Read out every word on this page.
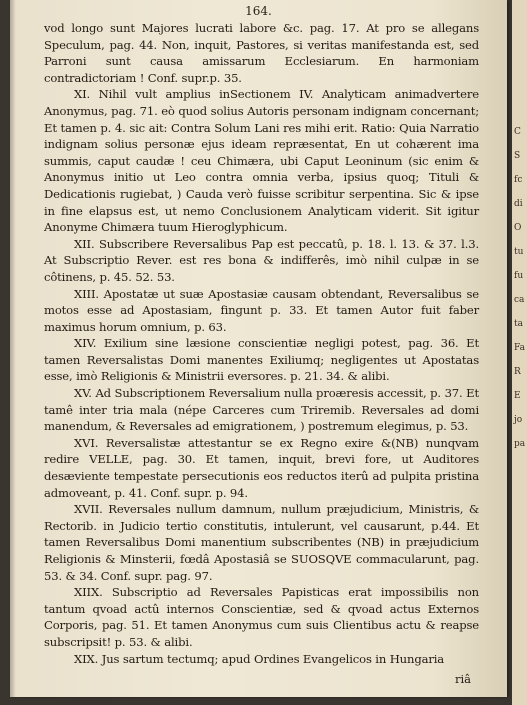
164.

vod longo sunt Majores lucrati labore &c. pag. 17. At pro se allegans Speculum, pag. 44. Non, inquit, Pastores, si veritas manifestanda est, sed Parroni sunt causa amissarum Ecclesiarum. En harmoniam contradictoriam ! Conf. supr.p. 35.

XI. Nihil vult amplius inSectionem IV. Analyticam animadvertere Anonymus, pag. 71. eò quod solius Autoris personam indignam concernant; Et tamen p. 4. sic ait: Contra Solum Lani res mihi erit. Ratio: Quia Narratio indignam solius personæ ejus ideam repræsentat, En ut cohærent ima summis, caput caudæ ! ceu Chimæra, ubi Caput Leoninum (sic enim & Anonymus initio ut Leo contra omnia verba, ipsius quoq; Tituli & Dedicationis rugiebat, ) Cauda verò fuisse scribitur serpentina. Sic & ipse in fine elapsus est, ut nemo Conclusionem Analyticam viderit. Sit igitur Anonyme Chimæra tuum Hieroglyphicum.

XII. Subscribere Reversalibus Pap est peccatû, p. 18. l. 13. & 37. l.3. At Subscriptio Rever. est res bona & indifferês, imò nihil culpæ in se côtinens, p. 45. 52. 53.

XIII. Apostatæ ut suæ Apostasiæ causam obtendant, Reversalibus se motos esse ad Apostasiam, fingunt p. 33. Et tamen Autor fuit faber maximus horum omnium, p. 63.

XIV. Exilium sine læsione conscientiæ negligi potest, pag. 36. Et tamen Reversalistas Domi manentes Exiliumq; negligentes ut Apostatas esse, imò Religionis & Ministrii eversores. p. 21. 34. & alibi.

XV. Ad Subscriptionem Reversalium nulla proæresis accessit, p. 37. Et tamê inter tria mala (népe Carceres cum Triremib. Reversales ad domi manendum, & Reversales ad emigrationem, ) postremum elegimus, p. 53.

XVI. Reversalistæ attestantur se ex Regno exire &(NB) nunqvam redire VELLE, pag. 30. Et tamen, inquit, brevi fore, ut Auditores desæviente tempestate persecutionis eos reductos iterû ad pulpita pristina admoveant, p. 41. Conf. supr. p. 94.

XVII. Reversales nullum damnum, nullum præjudicium, Ministris, & Rectorib. in Judicio tertio constitutis, intulerunt, vel causarunt, p.44. Et tamen Reversalibus Domi manentium subscribentes (NB) in præjudicium Religionis & Minsterii, fœdâ Apostasiâ se SUOSQVE commacularunt, pag. 53. & 34. Conf. supr. pag. 97.

XIIX. Subscriptio ad Reversales Papisticas erat impossibilis non tantum qvoad actû internos Conscientiæ, sed & qvoad actus Externos Corporis, pag. 51. Et tamen Anonymus cum suis Clientibus actu & reapse subscripsit! p. 53. & alibi.

XIX. Jus sartum tectumq; apud Ordines Evangelicos in Hungaria

riâ
C
S
fc
di
O
tu
fu
ca
ta
Fa
R
E
jo
pa
